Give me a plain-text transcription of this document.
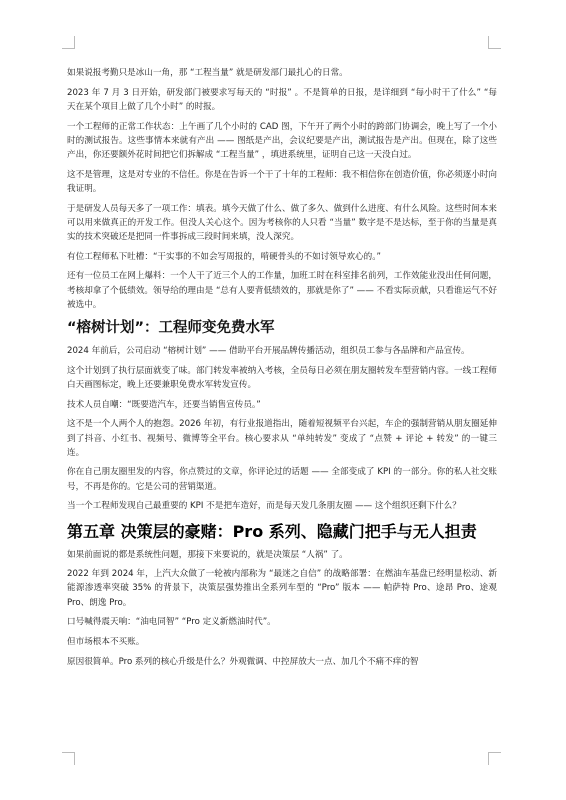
如果说报考勤只是冰山一角，那 “工程当量” 就是研发部门最扎心的日常。

2023 年 7 月 3 日开始，研发部门被要求写每天的 “时报” 。不是简单的日报，是详细到 “每小时干了什么” “每天在某个项目上做了几个小时” 的时报。

一个工程师的正常工作状态：上午画了几个小时的 CAD 图，下午开了两个小时的跨部门协调会，晚上写了一个小时的测试报告。这些事情本来就有产出 —— 图纸是产出，会议纪要是产出，测试报告是产出。但现在，除了这些产出，你还要额外花时间把它们拆解成 “工程当量” ，填进系统里，证明自己这一天没白过。

这不是管理，这是对专业的不信任。你是在告诉一个干了十年的工程师：我不相信你在创造价值，你必须逐小时向我证明。

于是研发人员每天多了一项工作：填表。填今天做了什么、做了多久、做到什么进度、有什么风险。这些时间本来可以用来做真正的开发工作。但没人关心这个。因为考核你的人只看 “当量” 数字是不是达标，至于你的当量是真实的技术突破还是把同一件事拆成三段时间来填，没人深究。

有位工程师私下吐槽：“干实事的不如会写周报的，啃硬骨头的不如讨领导欢心的。”

还有一位员工在网上爆料：一个人干了近三个人的工作量，加班工时在科室排名前列，工作效能业没出任何问题，考核却拿了个低绩效。领导给的理由是 “总有人要背低绩效的，那就是你了” —— 不看实际贡献，只看谁运气不好被选中。

“榕树计划”：工程师变免费水军

2024 年前后，公司启动 “榕树计划” —— 借助平台开展品牌传播活动，组织员工参与各品牌和产品宣传。

这个计划到了执行层面就变了味。部门转发率被纳入考核，全员每日必须在朋友圈转发车型营销内容。一线工程师白天画图标定，晚上还要兼职免费水军转发宣传。

技术人员自嘲：“既要造汽车，还要当销售宣传员。”

这不是一个人两个人的抱怨。2026 年初，有行业报道指出，随着短视频平台兴起，车企的强制营销从朋友圈延伸到了抖音、小红书、视频号、微博等全平台。核心要求从 “单纯转发” 变成了 “点赞 + 评论 + 转发” 的一键三连。

你在自己朋友圈里发的内容，你点赞过的文章，你评论过的话题 —— 全部变成了 KPI 的一部分。你的私人社交账号，不再是你的。它是公司的营销渠道。

当一个工程师发现自己最重要的 KPI 不是把车造好，而是每天发几条朋友圈 —— 这个组织还剩下什么？

第五章 决策层的豪赌：Pro 系列、隐藏门把手与无人担责

如果前面说的都是系统性问题，那接下来要说的，就是决策层 “人祸” 了。

2022 年到 2024 年，上汽大众做了一轮被内部称为 “最迷之自信” 的战略部署：在燃油车基盘已经明显松动、新能源渗透率突破 35% 的背景下，决策层强势推出全系列车型的 “Pro” 版本 —— 帕萨特 Pro、途昂 Pro、途观 Pro、朗逸 Pro。

口号喊得震天响：“油电同智” “Pro 定义新燃油时代”。

但市场根本不买账。

原因很简单。Pro 系列的核心升级是什么？外观微调、中控屏放大一点、加几个不痛不痒的智
